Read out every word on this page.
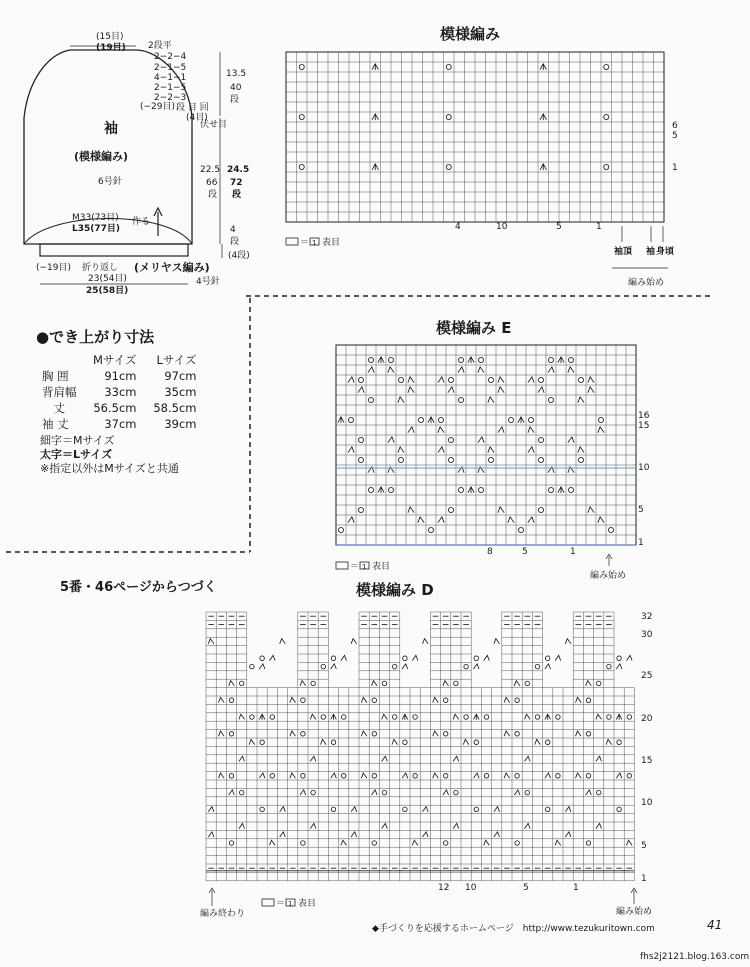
(15目)
(19目) 2段平
2−2−4
2−1−5
4−1−1
2−1−5
2−2−3
段 目 回
(−29目)
(4目)
伏せ目
13.5
40
段
袖
(模様編み)
6号針
22.5
66
段
24.5
72
段
M33(73目)
L35(77目)
作る
4
段
(4段)
(メリヤス編み)
(−19目) 折り返し
4号針
23(54目)
25(58目)
模様編み
6
5
1
4	10	5	1
＝ 1 表目
袖頂 袖 身頃
編み始め
模様編み E
16
15
10
5
1
8	5	1
＝ 1 表目
編み始め
模様編み D
32
30
25
20
15
10
5
1
12 10	5	1
＝ 1 表目
編み終わり	編み始め
●でき上がり寸法
	Mサイズ	Lサイズ
胸 囲	91cm	97cm
背肩幅	33cm	35cm
丈	56.5cm	58.5cm
袖 丈	37cm	39cm
細字＝Mサイズ
太字＝Lサイズ
※指定以外はMサイズと共通
5番・46ページからつづく
◆手づくりを応援するホームページ　http://www.tezukuritown.com	41
fhs2j2121.blog.163.com
